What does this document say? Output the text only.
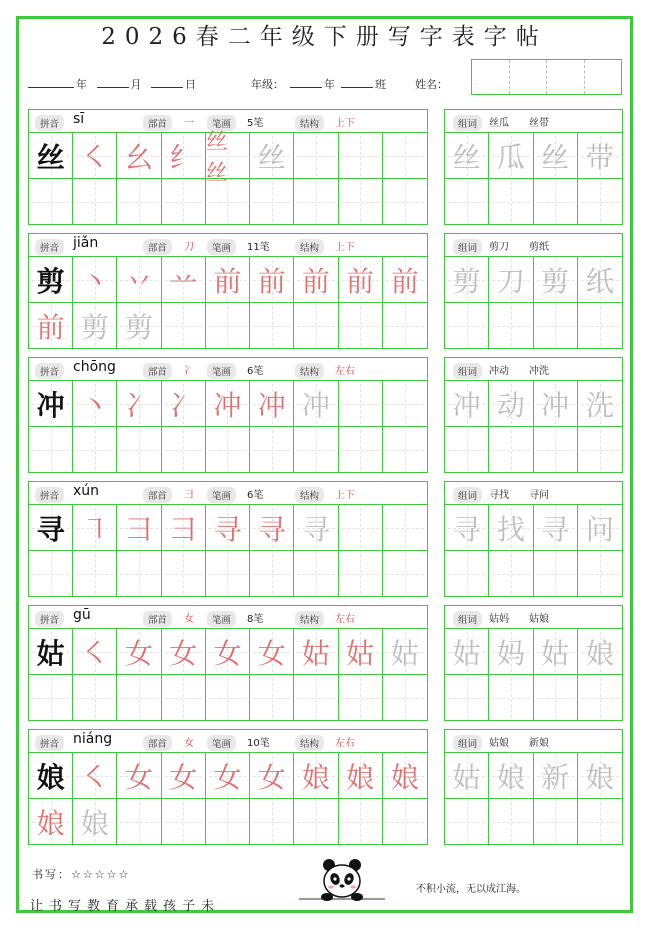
2026春二年级下册写字表字帖
年	月	日	年级：	年	班	姓名：
拼音 sī	部首	一	笔画	5笔	结构	上下
丝 ㇛ 幺 纟 丝丝	丝
组词	丝瓜 丝带
丝 瓜 丝 带
拼音 jiǎn	部首	刀	笔画	11笔	结构	上下
剪 丶 丷 䒑 前 前 前 前 前
前 剪 剪
组词	剪刀 剪纸
剪 刀 剪 纸
拼音 chōng	部首	冫	笔画	6笔	结构	左右
冲 丶 冫 冫 冲 冲 冲
组词	冲动 冲洗
冲 动 冲 洗
拼音 xún	部首	彐	笔画	6笔	结构	上下
寻 ㇕ 彐 彐 寻 寻 寻
组词	寻找 寻问
寻 找 寻 问
拼音 gū	部首	女	笔画	8笔	结构	左右
姑 ㇛ 女 女 女 女 姑 姑 姑
组词	姑妈 姑娘
姑 妈 姑 娘
拼音 niáng	部首	女	笔画	10笔	结构	左右
娘 ㇛ 女 女 女 女 娘 娘 娘
娘 娘
组词	姑娘 新娘
姑 娘 新 娘
书写：☆☆☆☆☆
让书写教育承载孩子未
不积小流，无以成江海。
